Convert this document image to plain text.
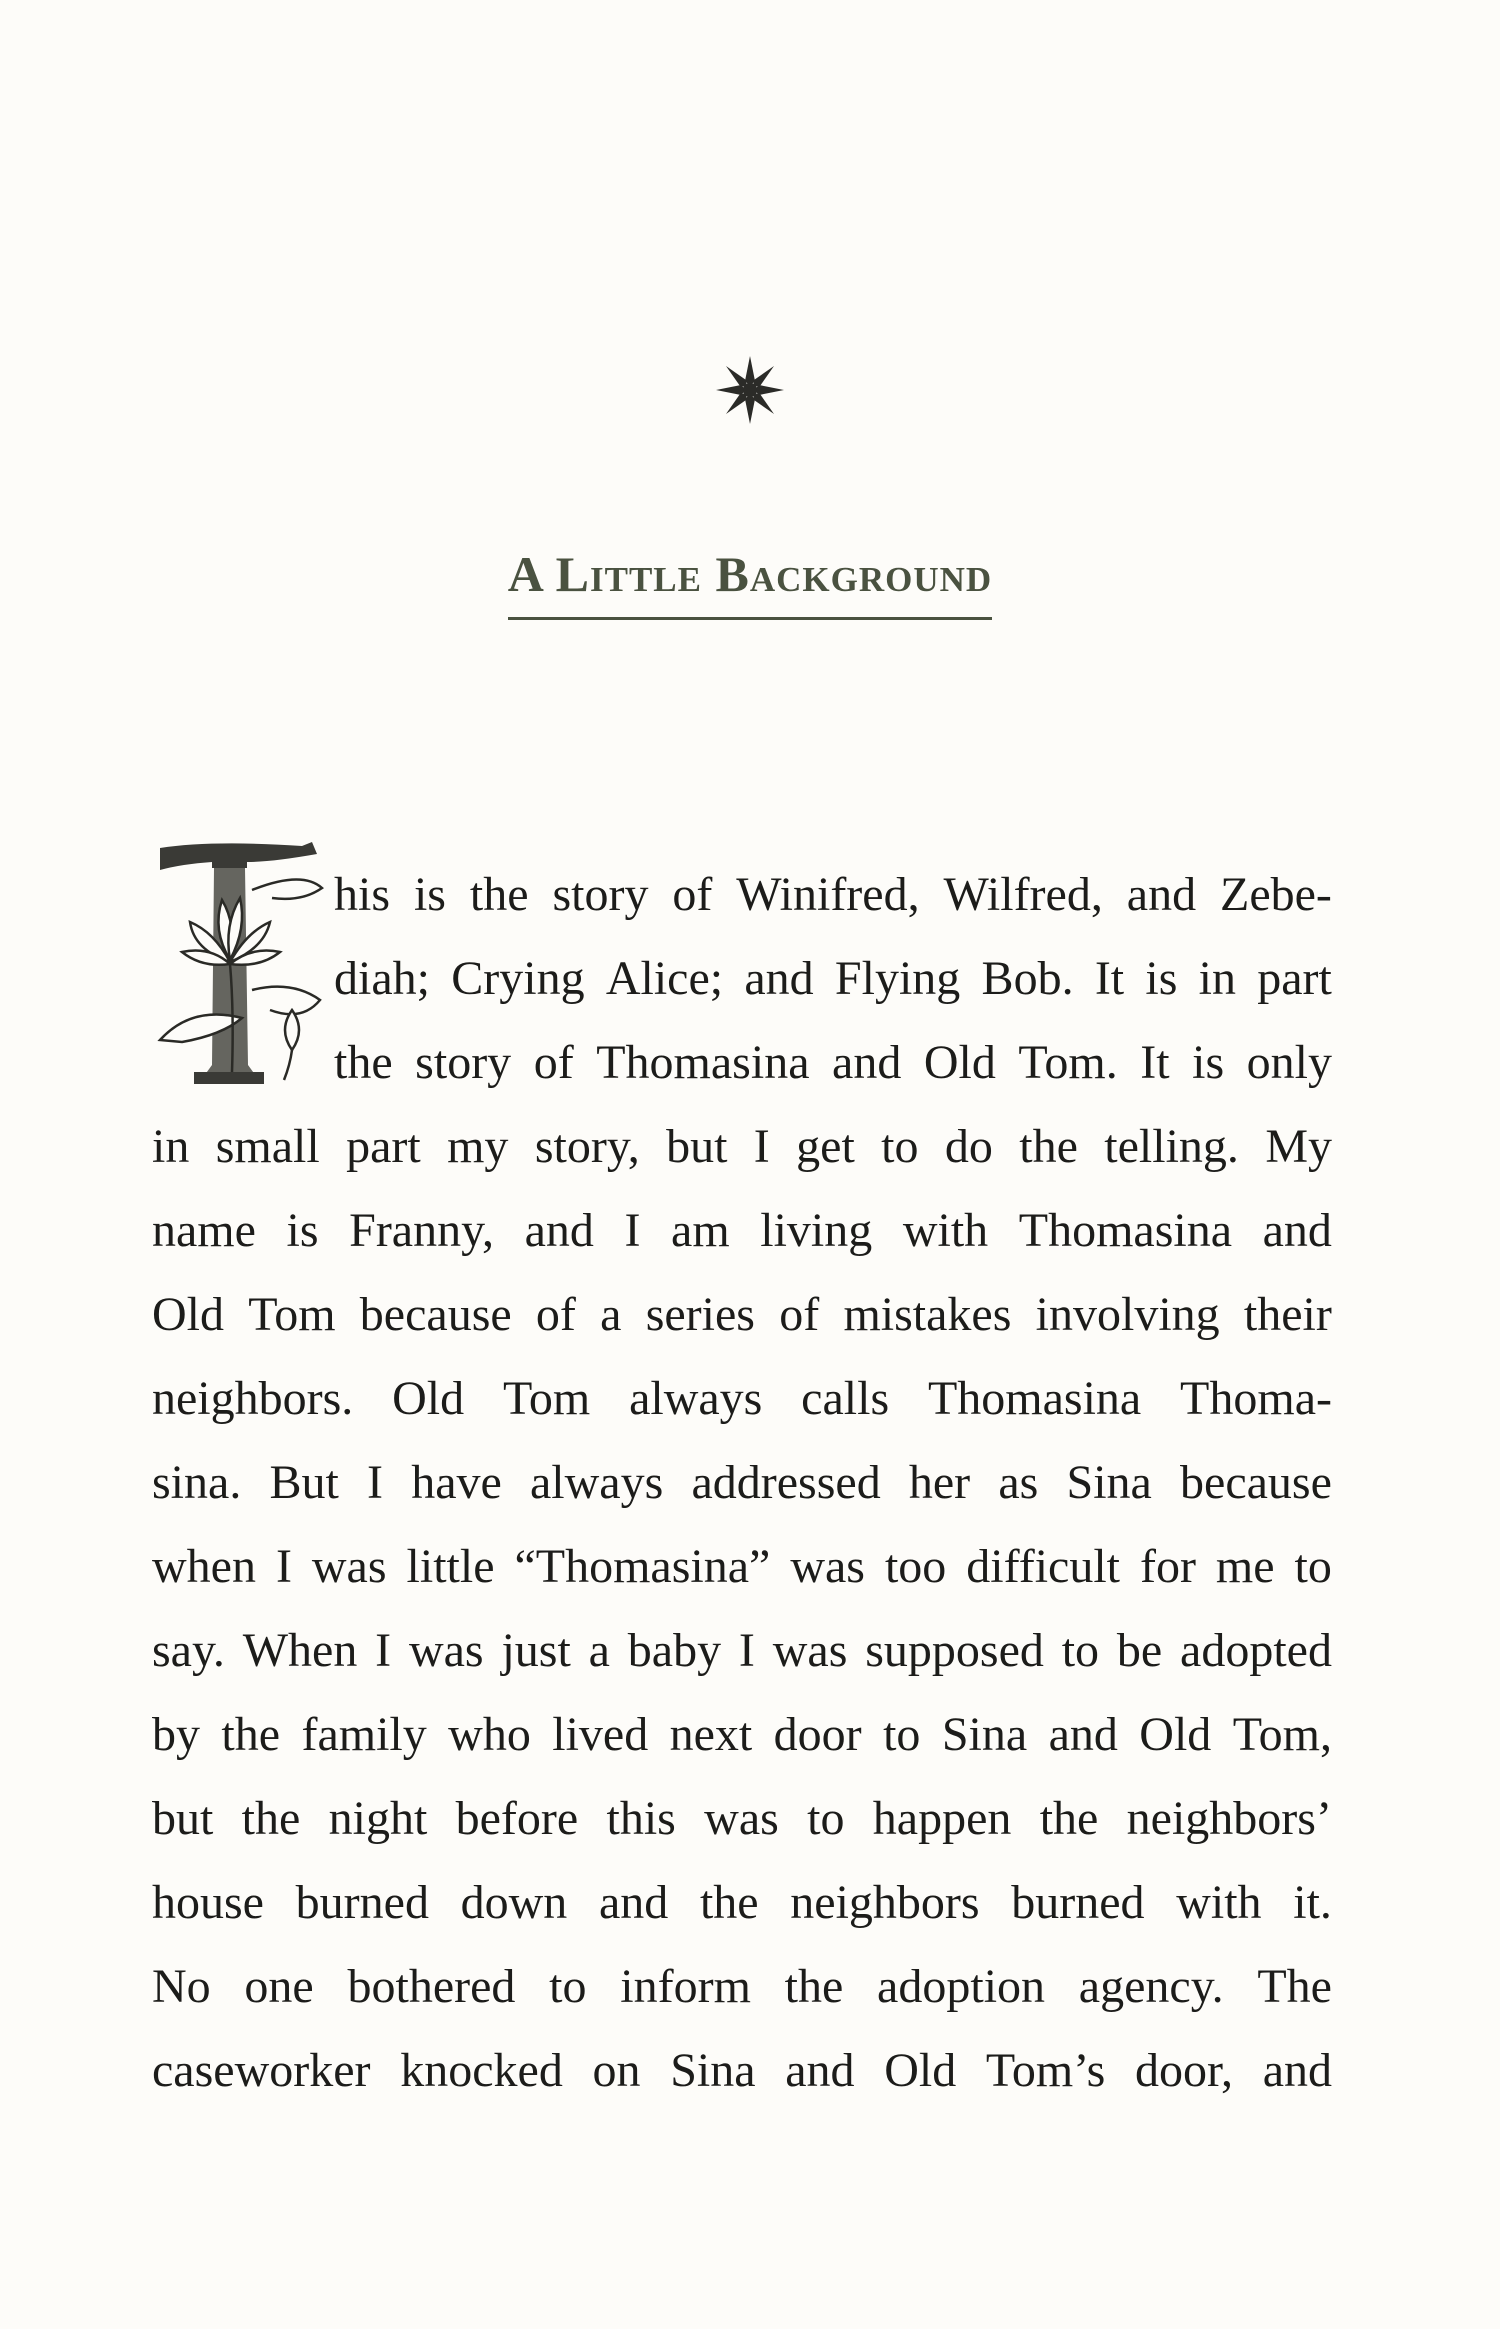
A Little Background
his is the story of Winifred, Wilfred, and Zebe-
diah; Crying Alice; and Flying Bob. It is in part
the story of Thomasina and Old Tom. It is only
in small part my story, but I get to do the telling. My
name is Franny, and I am living with Thomasina and
Old Tom because of a series of mistakes involving their
neighbors. Old Tom always calls Thomasina Thoma-
sina. But I have always addressed her as Sina because
when I was little “Thomasina” was too difficult for me to
say. When I was just a baby I was supposed to be adopted
by the family who lived next door to Sina and Old Tom,
but the night before this was to happen the neighbors’
house burned down and the neighbors burned with it.
No one bothered to inform the adoption agency. The
caseworker knocked on Sina and Old Tom’s door, and
